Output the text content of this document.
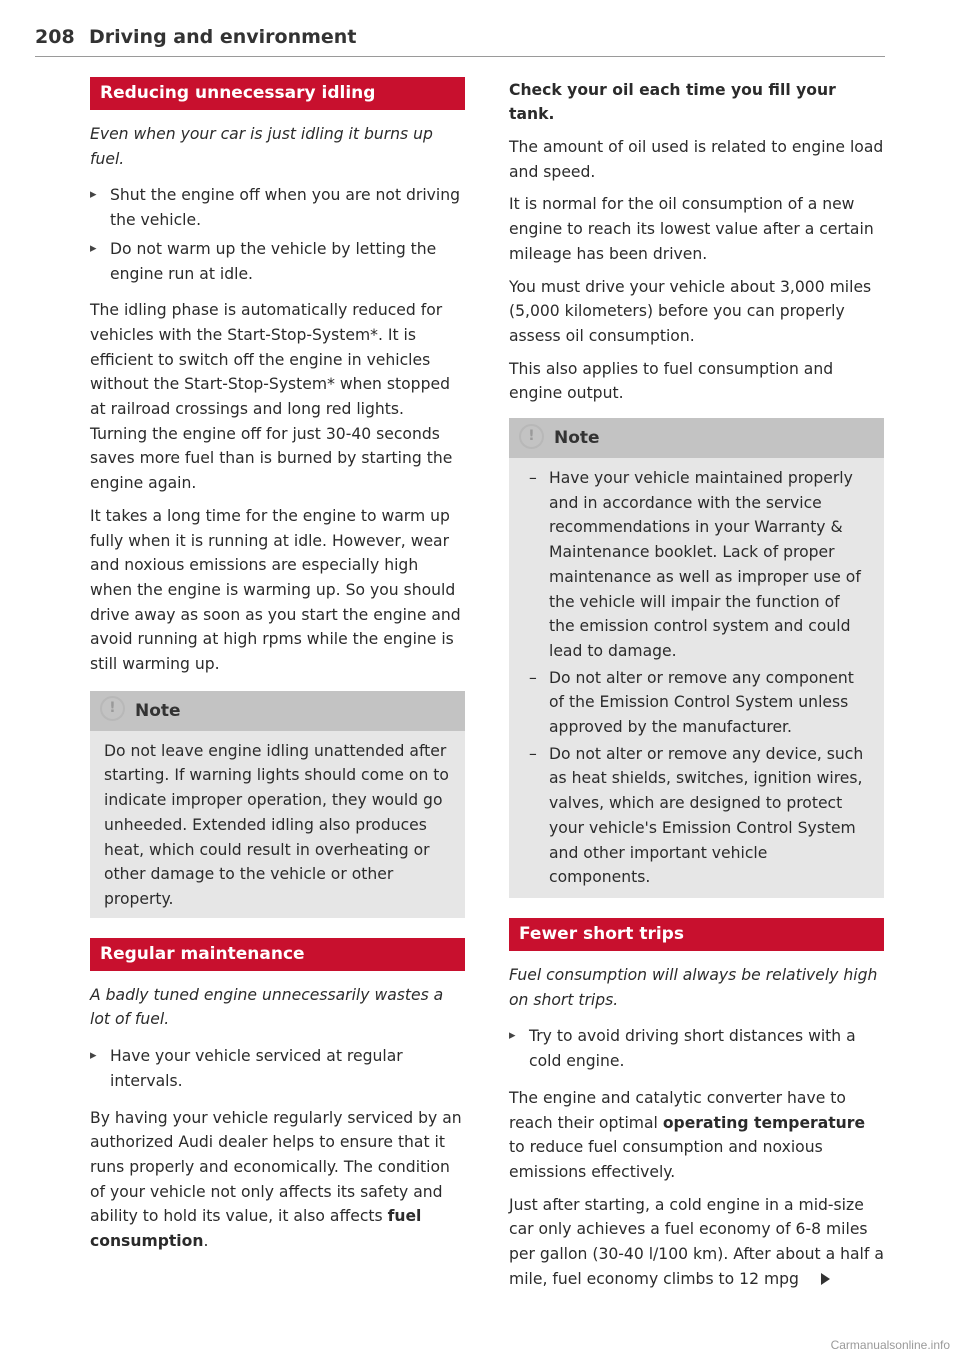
208 Driving and environment
Reducing unnecessary idling

Even when your car is just idling it burns up fuel.

▸ Shut the engine off when you are not driving the vehicle.
▸ Do not warm up the vehicle by letting the engine run at idle.

The idling phase is automatically reduced for vehicles with the Start-Stop-System*. It is efficient to switch off the engine in vehicles without the Start-Stop-System* when stopped at railroad crossings and long red lights. Turning the engine off for just 30-40 seconds saves more fuel than is burned by starting the engine again.

It takes a long time for the engine to warm up fully when it is running at idle. However, wear and noxious emissions are especially high when the engine is warming up. So you should drive away as soon as you start the engine and avoid running at high rpms while the engine is still warming up.

!Note
Do not leave engine idling unattended after starting. If warning lights should come on to indicate improper operation, they would go unheeded. Extended idling also produces heat, which could result in overheating or other damage to the vehicle or other property.
Regular maintenance

A badly tuned engine unnecessarily wastes a lot of fuel.

▸ Have your vehicle serviced at regular intervals.

By having your vehicle regularly serviced by an authorized Audi dealer helps to ensure that it runs properly and economically. The condition of your vehicle not only affects its safety and ability to hold its value, it also affects fuel consumption.

Check your oil each time you fill your tank.

The amount of oil used is related to engine load and speed.

It is normal for the oil consumption of a new engine to reach its lowest value after a certain mileage has been driven.

You must drive your vehicle about 3,000 miles (5,000 kilometers) before you can properly assess oil consumption.

This also applies to fuel consumption and engine output.

!Note
– Have your vehicle maintained properly and in accordance with the service recommendations in your Warranty & Maintenance booklet. Lack of proper maintenance as well as improper use of the vehicle will impair the function of the emission control system and could lead to damage.
– Do not alter or remove any component of the Emission Control System unless approved by the manufacturer.
– Do not alter or remove any device, such as heat shields, switches, ignition wires, valves, which are designed to protect your vehicle's Emission Control System and other important vehicle components.
Fewer short trips

Fuel consumption will always be relatively high on short trips.

▸ Try to avoid driving short distances with a cold engine.

The engine and catalytic converter have to reach their optimal operating temperature to reduce fuel consumption and noxious emissions effectively.

Just after starting, a cold engine in a mid-size car only achieves a fuel economy of 6-8 miles per gallon (30-40 l/100 km). After about a half a mile, fuel economy climbs to 12 mpg

Carmanualsonline.info
